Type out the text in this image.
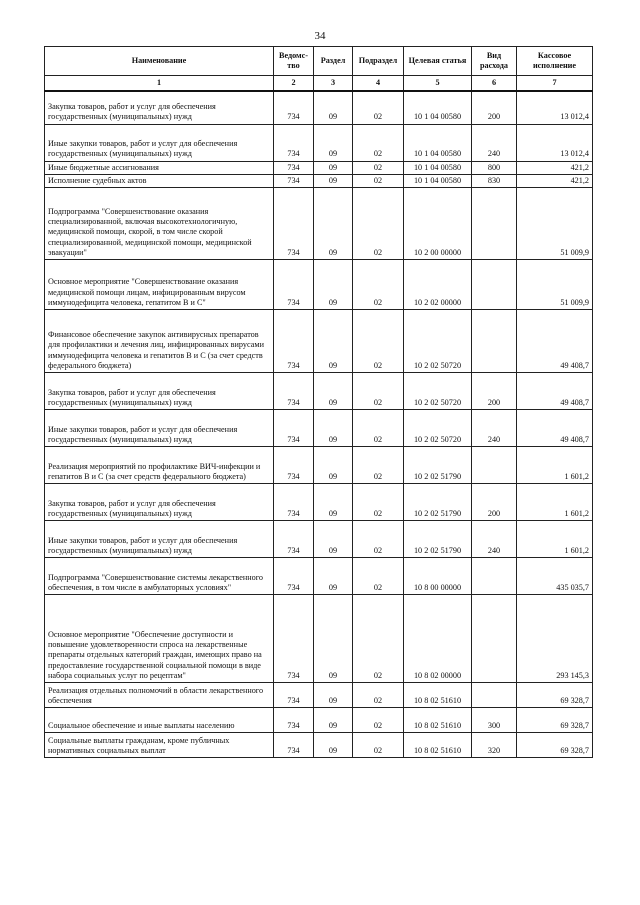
34
Наименование	Ведомс-тво	Раздел	Подраздел	Целевая статья	Вид расхода	Кассовое исполнение
1	2	3	4	5	6	7
Закупка товаров, работ и услуг для обеспечения государственных (муниципальных) нужд	734	09	02	10 1 04 00580	200	13 012,4
Иные закупки товаров, работ и услуг для обеспечения государственных (муниципальных) нужд	734	09	02	10 1 04 00580	240	13 012,4
Иные бюджетные ассигнования	734	09	02	10 1 04 00580	800	421,2
Исполнение судебных актов	734	09	02	10 1 04 00580	830	421,2
Подпрограмма "Совершенствование оказания специализированной, включая высокотехнологичную, медицинской помощи, скорой, в том числе скорой специализированной, медицинской помощи, медицинской эвакуации"	734	09	02	10 2 00 00000		51 009,9
Основное мероприятие "Совершенствование оказания медицинской помощи лицам, инфицированным вирусом иммунодефицита человека, гепатитом В и С"	734	09	02	10 2 02 00000		51 009,9
Финансовое обеспечение закупок антивирусных препаратов для профилактики и лечения лиц, инфицированных вирусами иммунодефицита человека и гепатитов В и С (за счет средств федерального бюджета)	734	09	02	10 2 02 50720		49 408,7
Закупка товаров, работ и услуг для обеспечения государственных (муниципальных) нужд	734	09	02	10 2 02 50720	200	49 408,7
Иные закупки товаров, работ и услуг для обеспечения государственных (муниципальных) нужд	734	09	02	10 2 02 50720	240	49 408,7
Реализация мероприятий по профилактике ВИЧ-инфекции и гепатитов В и С (за счет средств федерального бюджета)	734	09	02	10 2 02 51790		1 601,2
Закупка товаров, работ и услуг для обеспечения государственных (муниципальных) нужд	734	09	02	10 2 02 51790	200	1 601,2
Иные закупки товаров, работ и услуг для обеспечения государственных (муниципальных) нужд	734	09	02	10 2 02 51790	240	1 601,2
Подпрограмма "Совершенствование системы лекарственного обеспечения, в том числе в амбулаторных условиях"	734	09	02	10 8 00 00000		435 035,7
Основное мероприятие "Обеспечение доступности и повышение удовлетворенности спроса на лекарственные препараты отдельных категорий граждан, имеющих право на предоставление государственной социальной помощи в виде набора социальных услуг по рецептам"	734	09	02	10 8 02 00000		293 145,3
Реализация отдельных полномочий в области лекарственного обеспечения	734	09	02	10 8 02 51610		69 328,7
Социальное обеспечение и иные выплаты населению	734	09	02	10 8 02 51610	300	69 328,7
Социальные выплаты гражданам, кроме публичных нормативных социальных выплат	734	09	02	10 8 02 51610	320	69 328,7
